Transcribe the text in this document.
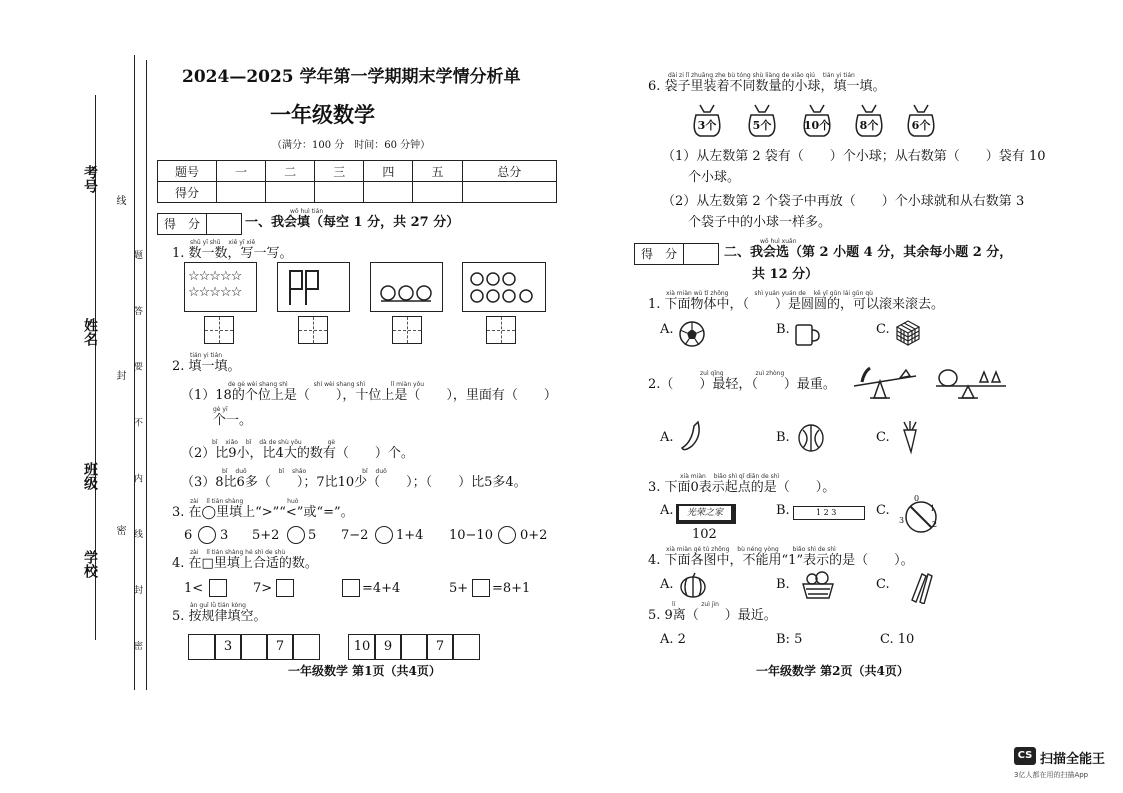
考号
姓名
班级
学校
线
封
密 题 答 要 不 内 线 封 密
2024—2025 学年第一学期期末学情分析单
一年级数学
（满分：100 分　时间：60 分钟）
题号	一	二	三	四	五	总分
得分						
得　分
wǒ huì tián
一、我会填（每空 1 分，共 27 分）
shǔ yī shǔ　 xiě yī xiě
1. 数一数，写一写。
☆☆☆☆☆
☆☆☆☆☆
tián yi tián
2. 填一填。
de gè wèi shang shì　　　　 shí wèi shang shì　　　　 lǐ miàn yǒu
（1）18的个位上是（　　），十位上是（　　），里面有（　　）
gè yī
个一。
bǐ　 xiǎo　 bǐ　 dà de shù yǒu　　　　 gè
（2）比9小，比4大的数有（　　）个。
bǐ　 duō　　　　　 bǐ　 shǎo　　　　　　　　　 bǐ　 duō
（3）8比6多（　　）；7比10少（　　）；（　　）比5多4。
zài　 lǐ tián shàng　　　　　　　 huò
3. 在◯里填上“>”“<”或“=”。
6 3 5+2 5 7−2 1+4 10−10 0+2
zài　 lǐ tián shàng hé shì de shù
4. 在□里填上合适的数。
1<	7>	=4+4	5+ =8+1
àn guī lǜ tián kòng
5. 按规律填空。
3	7	10	9	7
一年级数学 第1页（共4页）
dài zi lǐ zhuāng zhe bù tóng shù liàng de xiǎo qiú　 tián yi tián
6. 袋子里装着不同数量的小球，填一填。
3个	5个	10个	8个	6个
（1）从左数第 2 袋有（　　）个小球；从右数第（　　）袋有 10
个小球。
（2）从左数第 2 个袋子中再放（　　）个小球就和从右数第 3
个袋子中的小球一样多。
得　分
wǒ huì xuǎn
二、我会选（第 2 小题 4 分，其余每小题 2 分，
共 12 分）
xià miàn wù tǐ zhōng　　　　 shì yuán yuán de　 kě yǐ gǔn lái gǔn qù
1. 下面物体中，（　　）是圆圆的，可以滚来滚去。
A.	B.	C.
zuì qīng　　　　　 zuì zhòng
2.（　　）最轻，（　　）最重。
A.	B.	C.
xià miàn　 biǎo shì qǐ diǎn de shì
3. 下面0表示起点的是（　　）。
A.	光荣之家
102
B.	1 2 3	C.
0
1
2
3
xià miàn gè tú zhōng　 bù néng yòng　　 biǎo shì de shì
4. 下面各图中，不能用“1”表示的是（　　）。
A.	B.	C.
lí　　　　 zuì jìn
5. 9离（　　）最近。
A. 2	B: 5	C. 10
一年级数学 第2页（共4页）
CS 扫描全能王
3亿人都在用的扫描App
